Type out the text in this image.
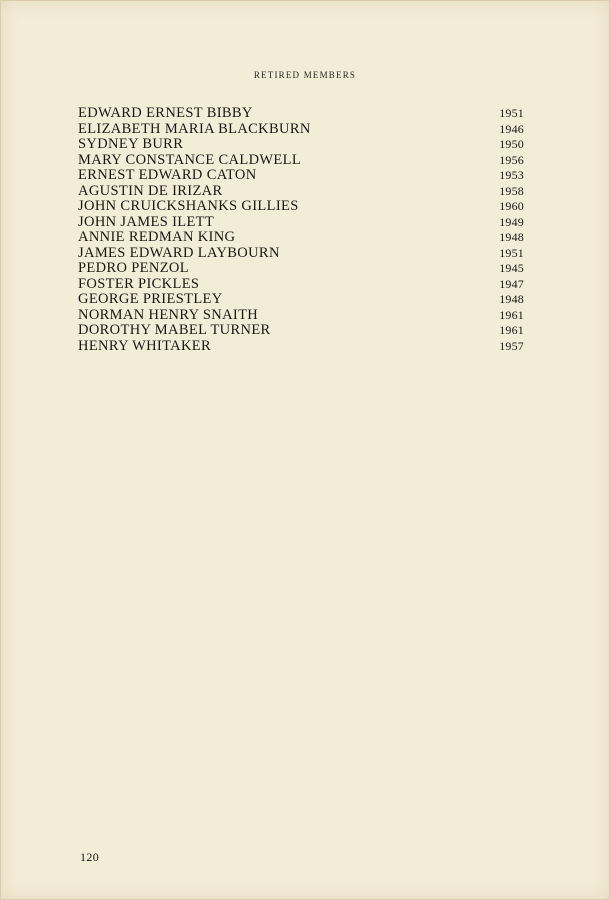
RETIRED MEMBERS
EDWARD ERNEST BIBBY	1951
ELIZABETH MARIA BLACKBURN	1946
SYDNEY BURR	1950
MARY CONSTANCE CALDWELL	1956
ERNEST EDWARD CATON	1953
AGUSTIN DE IRIZAR	1958
JOHN CRUICKSHANKS GILLIES	1960
JOHN JAMES ILETT	1949
ANNIE REDMAN KING	1948
JAMES EDWARD LAYBOURN	1951
PEDRO PENZOL	1945
FOSTER PICKLES	1947
GEORGE PRIESTLEY	1948
NORMAN HENRY SNAITH	1961
DOROTHY MABEL TURNER	1961
HENRY WHITAKER	1957
120
